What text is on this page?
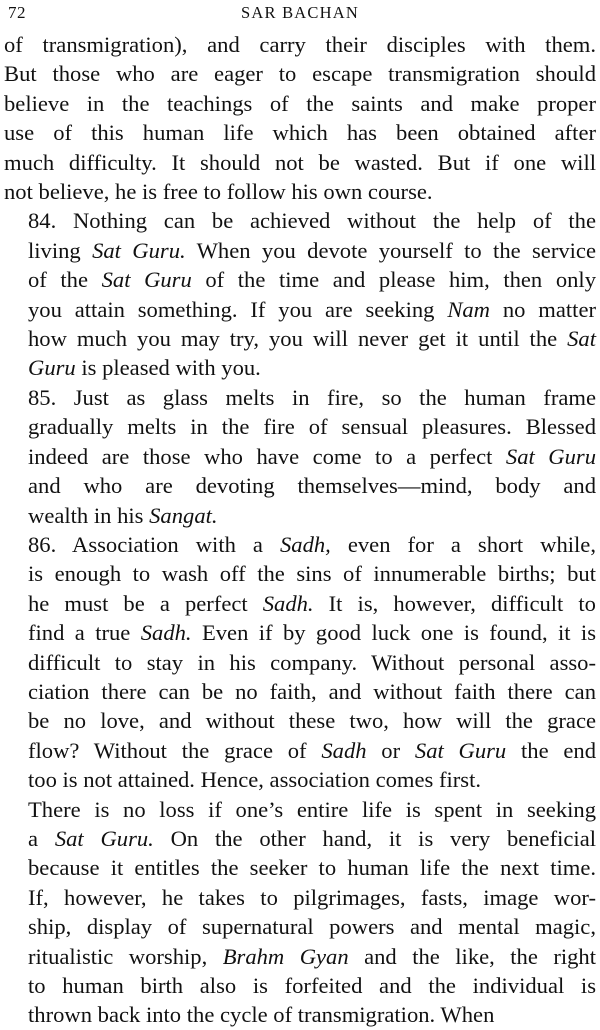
72	SAR BACHAN

of transmigration), and carry their disciples with them.
But those who are eager to escape transmigration should
believe in the teachings of the saints and make proper
use of this human life which has been obtained after
much difficulty. It should not be wasted. But if one will
not believe, he is free to follow his own course.

84. Nothing can be achieved without the help of the
living Sat Guru. When you devote yourself to the service
of the Sat Guru of the time and please him, then only
you attain something. If you are seeking Nam no matter
how much you may try, you will never get it until the Sat
Guru is pleased with you.

85. Just as glass melts in fire, so the human frame
gradually melts in the fire of sensual pleasures. Blessed
indeed are those who have come to a perfect Sat Guru
and who are devoting themselves—mind, body and
wealth in his Sangat.

86. Association with a Sadh, even for a short while,
is enough to wash off the sins of innumerable births; but
he must be a perfect Sadh. It is, however, difficult to
find a true Sadh. Even if by good luck one is found, it is
difficult to stay in his company. Without personal asso-
ciation there can be no faith, and without faith there can
be no love, and without these two, how will the grace
flow? Without the grace of Sadh or Sat Guru the end
too is not attained. Hence, association comes first.

There is no loss if one’s entire life is spent in seeking
a Sat Guru. On the other hand, it is very beneficial
because it entitles the seeker to human life the next time.
If, however, he takes to pilgrimages, fasts, image wor-
ship, display of supernatural powers and mental magic,
ritualistic worship, Brahm Gyan and the like, the right
to human birth also is forfeited and the individual is
thrown back into the cycle of transmigration. When
